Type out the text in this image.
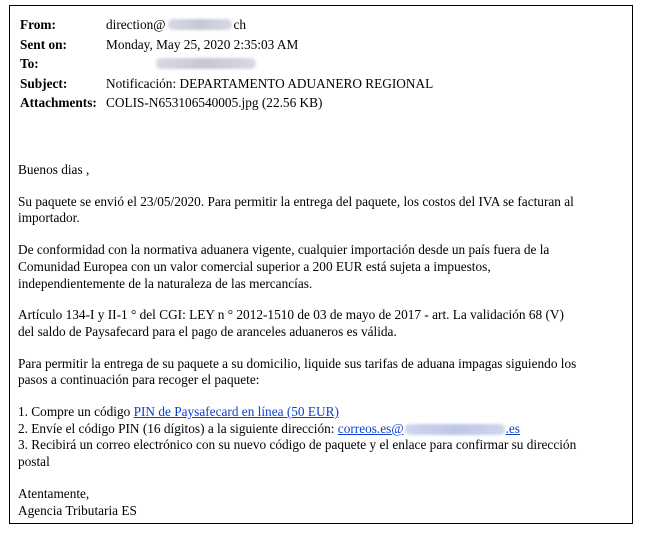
From:	direction@	ch
Sent on:	Monday, May 25, 2020 2:35:03 AM
To:
Subject:	Notificación: DEPARTAMENTO ADUANERO REGIONAL
Attachments: COLIS-N653106540005.jpg (22.56 KB)

Buenos dias ,

Su paquete se envió el 23/05/2020. Para permitir la entrega del paquete, los costos del IVA se facturan al
importador.

De conformidad con la normativa aduanera vigente, cualquier importación desde un país fuera de la
Comunidad Europea con un valor comercial superior a 200 EUR está sujeta a impuestos,
independientemente de la naturaleza de las mercancías.

Artículo 134-I y II-1 ° del CGI: LEY n ° 2012-1510 de 03 de mayo de 2017 - art. La validación 68 (V)
del saldo de Paysafecard para el pago de aranceles aduaneros es válida.

Para permitir la entrega de su paquete a su domicilio, liquide sus tarifas de aduana impagas siguiendo los
pasos a continuación para recoger el paquete:

1. Compre un código PIN de Paysafecard en línea (50 EUR)
2. Envíe el código PIN (16 dígitos) a la siguiente dirección: correos.es@	.es
3. Recibirá un correo electrónico con su nuevo código de paquete y el enlace para confirmar su dirección
postal
Atentamente,
Agencia Tributaria ES
